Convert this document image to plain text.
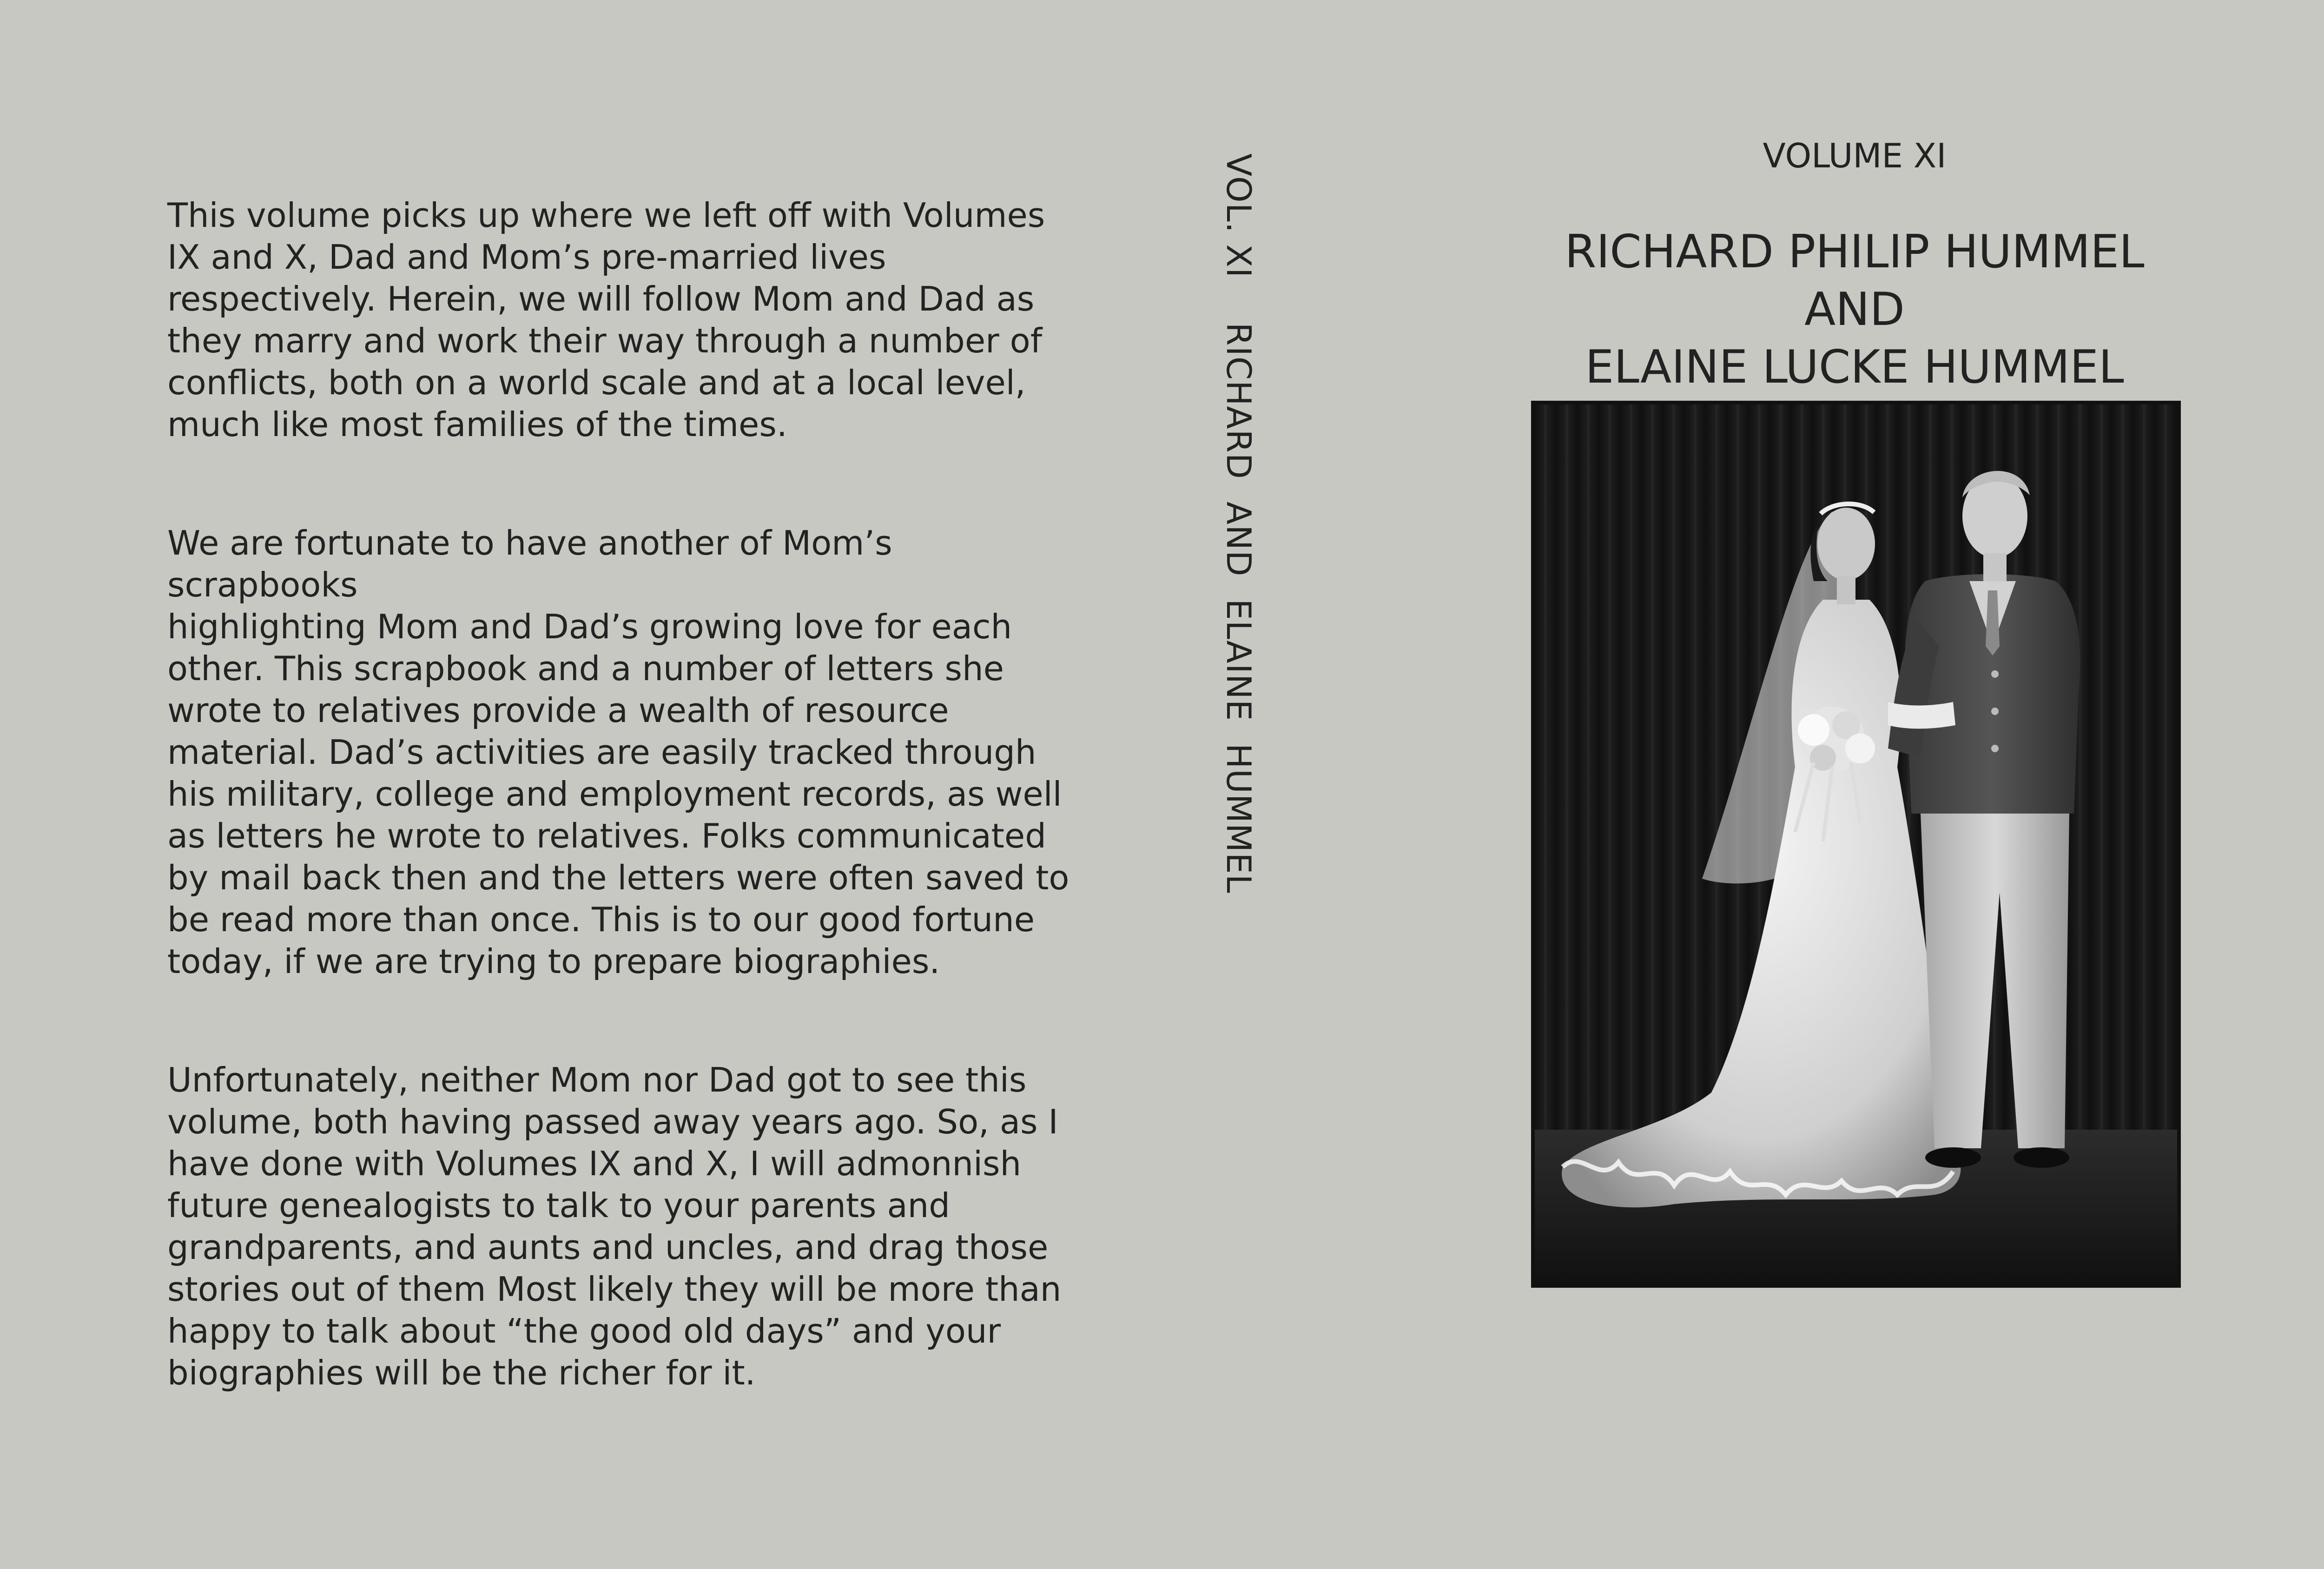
This volume picks up where we left off with Volumes
IX and X, Dad and Mom’s pre-married lives
respectively. Herein, we will follow Mom and Dad as
they marry and work their way through a number of
conflicts, both on a world scale and at a local level,
much like most families of the times.

We are fortunate to have another of Mom’s scrapbooks
highlighting Mom and Dad’s growing love for each
other. This scrapbook and a number of letters she
wrote to relatives provide a wealth of resource
material. Dad’s activities are easily tracked through
his military, college and employment records, as well
as letters he wrote to relatives. Folks communicated
by mail back then and the letters were often saved to
be read more than once. This is to our good fortune
today, if we are trying to prepare biographies.

Unfortunately, neither Mom nor Dad got to see this
volume, both having passed away years ago. So, as I
have done with Volumes IX and X, I will admonnish
future genealogists to talk to your parents and
grandparents, and aunts and uncles, and drag those
stories out of them Most likely they will be more than
happy to talk about “the good old days” and your
biographies will be the richer for it.

VOL. XI    RICHARD  AND  ELAINE  HUMMEL	VOLUME XI
RICHARD PHILIP HUMMEL
AND
ELAINE LUCKE HUMMEL
